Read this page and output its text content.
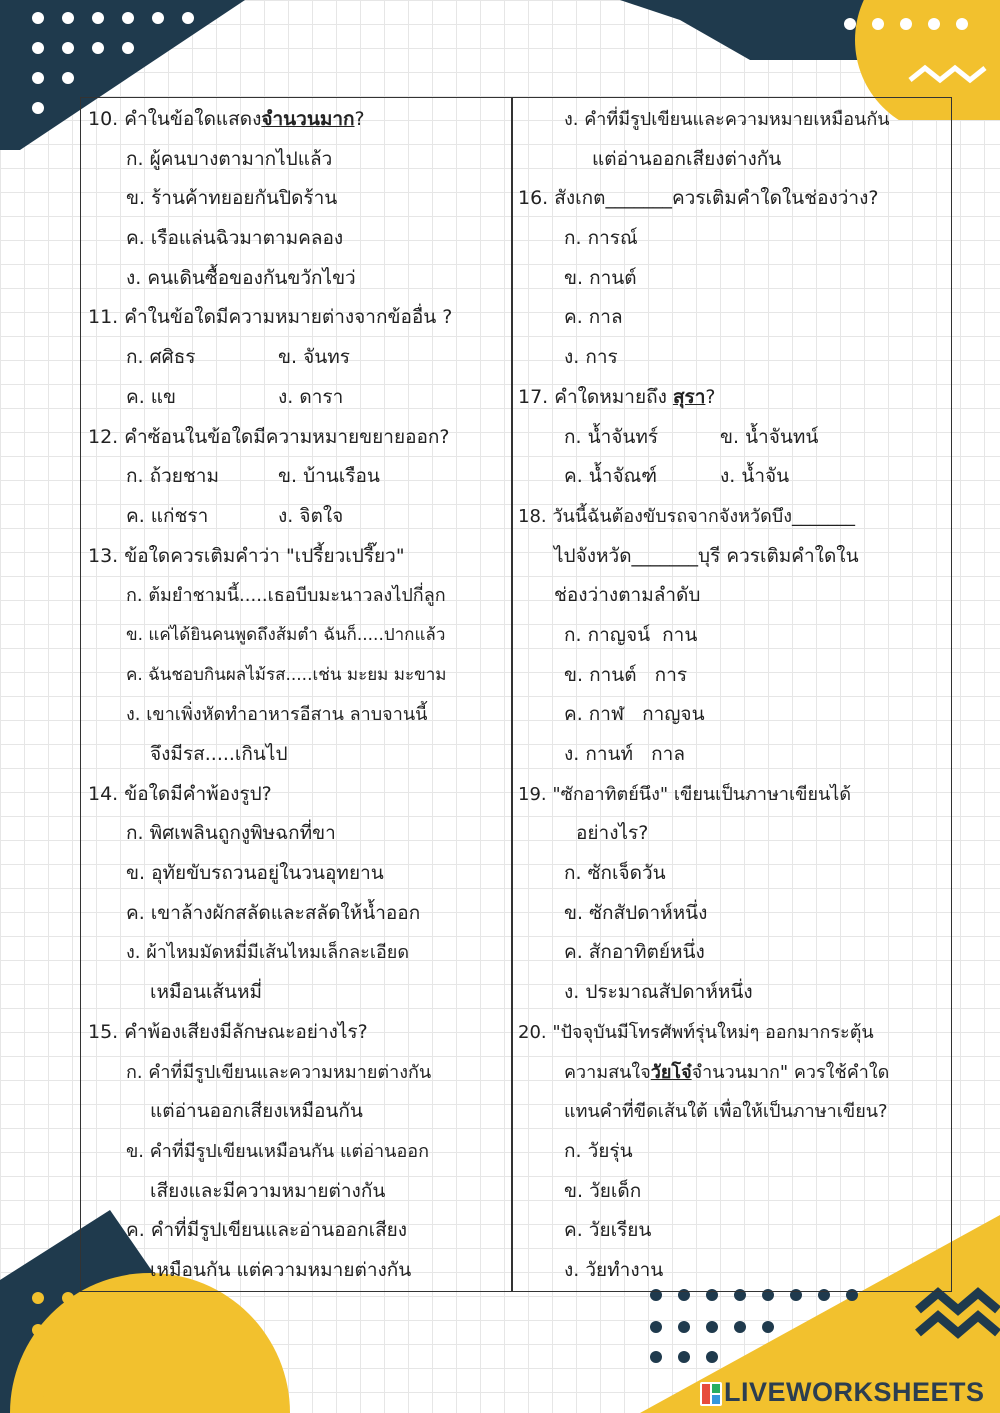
10. คำในข้อใดแสดงจำนวนมาก?
ก. ผู้คนบางตามากไปแล้ว
ข. ร้านค้าทยอยกันปิดร้าน
ค. เรือแล่นฉิวมาตามคลอง
ง. คนเดินซื้อของกันขวักไขว่
11. คำในข้อใดมีความหมายต่างจากข้ออื่น ?
ก. ศศิธร	ข. จันทร
ค. แข	ง. ดารา
12. คำซ้อนในข้อใดมีความหมายขยายออก?
ก. ถ้วยชาม	ข. บ้านเรือน
ค. แก่ชรา	ง. จิตใจ
13. ข้อใดควรเติมคำว่า "เปรี้ยวเปรี๊ยว"
ก. ต้มยำชามนี้.....เธอบีบมะนาวลงไปกี่ลูก
ข. แค่ได้ยินคนพูดถึงส้มตำ ฉันก็.....ปากแล้ว
ค. ฉันชอบกินผลไม้รส.....เช่น มะยม มะขาม
ง. เขาเพิ่งหัดทำอาหารอีสาน ลาบจานนี้
จึงมีรส.....เกินไป
14. ข้อใดมีคำพ้องรูป?
ก. พิศเพลินถูกงูพิษฉกที่ขา
ข. อุทัยขับรถวนอยู่ในวนอุทยาน
ค. เขาล้างผักสลัดและสลัดให้น้ำออก
ง. ผ้าไหมมัดหมี่มีเส้นไหมเล็กละเอียด
เหมือนเส้นหมี่
15. คำพ้องเสียงมีลักษณะอย่างไร?
ก. คำที่มีรูปเขียนและความหมายต่างกัน
แต่อ่านออกเสียงเหมือนกัน
ข. คำที่มีรูปเขียนเหมือนกัน แต่อ่านออก
เสียงและมีความหมายต่างกัน
ค. คำที่มีรูปเขียนและอ่านออกเสียง
เหมือนกัน แต่ความหมายต่างกัน
ง. คำที่มีรูปเขียนและความหมายเหมือนกัน
แต่อ่านออกเสียงต่างกัน
16. สังเกต_______ควรเติมคำใดในช่องว่าง?
ก. การณ์
ข. กานต์
ค. กาล
ง. การ
17. คำใดหมายถึง สุรา?
ก. น้ำจันทร์	ข. น้ำจันทน์
ค. น้ำจัณฑ์	ง. น้ำจัน
18. วันนี้ฉันต้องขับรถจากจังหวัดบึง_______
ไปจังหวัด_______บุรี ควรเติมคำใดใน
ช่องว่างตามลำดับ
ก. กาญจน์  กาน
ข. กานต์   การ
ค. กาฬ   กาญจน
ง. กานท์   กาล
19. "ซักอาทิตย์นึง" เขียนเป็นภาษาเขียนได้
อย่างไร?
ก. ซักเจ็ดวัน
ข. ซักสัปดาห์หนึ่ง
ค. สักอาทิตย์หนึ่ง
ง. ประมาณสัปดาห์หนึ่ง
20. "ปัจจุบันมีโทรศัพท์รุ่นใหม่ๆ ออกมากระตุ้น
ความสนใจวัยโจ๋จำนวนมาก" ควรใช้คำใด
แทนคำที่ขีดเส้นใต้ เพื่อให้เป็นภาษาเขียน?
ก. วัยรุ่น
ข. วัยเด็ก
ค. วัยเรียน
ง. วัยทำงาน
LIVEWORKSHEETS
